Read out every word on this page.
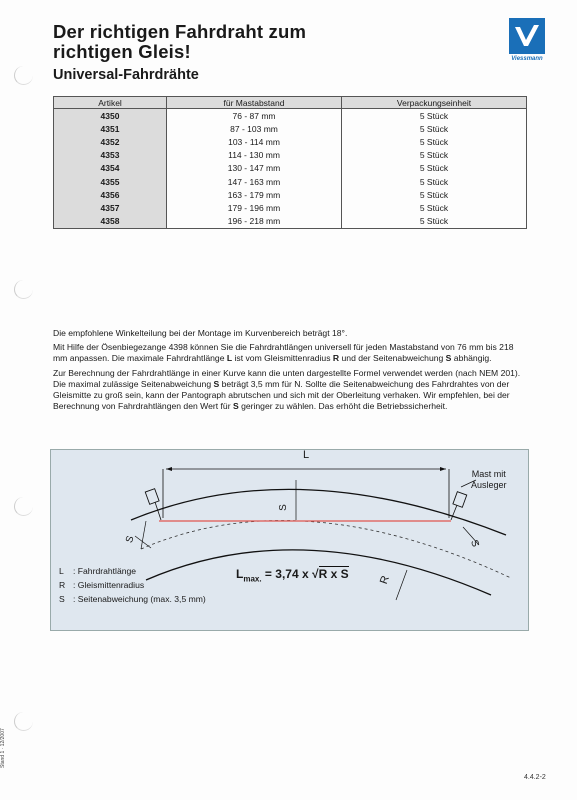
Der richtigen Fahrdraht zum richtigen Gleis!
Universal-Fahrdrähte
Viessmann
Artikel	für Mastabstand	Verpackungseinheit
4350	76 - 87 mm	5 Stück
4351	87 - 103 mm	5 Stück
4352	103 - 114 mm	5 Stück
4353	114 - 130 mm	5 Stück
4354	130 - 147 mm	5 Stück
4355	147 - 163 mm	5 Stück
4356	163 - 179 mm	5 Stück
4357	179 - 196 mm	5 Stück
4358	196 - 218 mm	5 Stück

Die empfohlene Winkelteilung bei der Montage im Kurvenbereich beträgt 18°.

Mit Hilfe der Ösenbiegezange 4398 können Sie die Fahrdrahtlängen universell für jeden Mastabstand von 76 mm bis 218 mm anpassen. Die maximale Fahrdrahtlänge L ist vom Gleismittenradius R und der Seitenabweichung S abhängig.

Zur Berechnung der Fahrdrahtlänge in einer Kurve kann die unten dargestellte Formel verwendet werden (nach NEM 201). Die maximal zulässige Seitenabweichung S beträgt 3,5 mm für N. Sollte die Seitenabweichung des Fahrdrahtes von der Gleismitte zu groß sein, kann der Pantograph abrutschen und sich mit der Oberleitung verhaken. Wir empfehlen, bei der Berechnung von Fahrdrahtlängen den Wert für S geringer zu wählen. Das erhöht die Betriebssicherheit.

L
S
S	S
R
Mast mit
Ausleger
$L_{max.} = 3,74$ x √R x S
L : Fahrdrahtlänge
R : Gleismittenradius
S : Seitenabweichung (max. 3,5 mm)
Stand 1 · 12/2007
4.4.2-2
